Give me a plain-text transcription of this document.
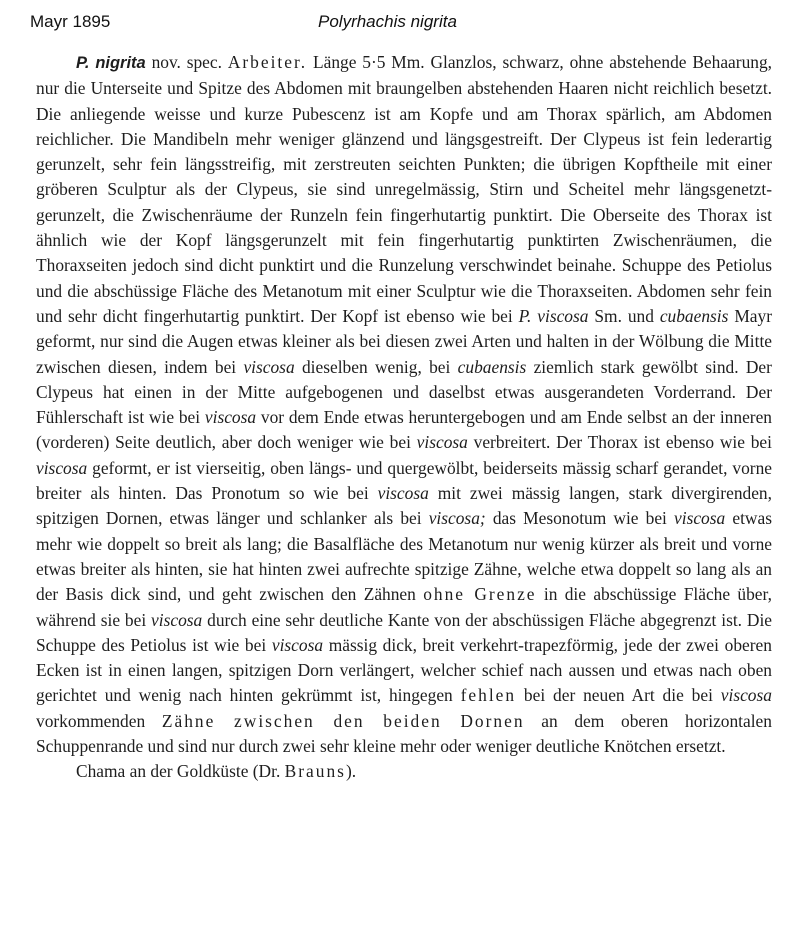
Mayr 1895	Polyrhachis nigrita

P. nigrita nov. spec. Arbeiter. Länge 5·5 Mm. Glanzlos, schwarz, ohne abstehende Behaarung, nur die Unterseite und Spitze des Abdomen mit braungelben abstehenden Haaren nicht reichlich besetzt. Die anliegende weisse und kurze Pubescenz ist am Kopfe und am Thorax spärlich, am Abdomen reichlicher. Die Mandibeln mehr weniger glänzend und längsgestreift. Der Clypeus ist fein lederartig gerunzelt, sehr fein längsstreifig, mit zerstreuten seichten Punkten; die übrigen Kopftheile mit einer gröberen Sculptur als der Clypeus, sie sind unregelmässig, Stirn und Scheitel mehr längsgenetzt-gerunzelt, die Zwischenräume der Runzeln fein fingerhutartig punktirt. Die Oberseite des Thorax ist ähnlich wie der Kopf längsgerunzelt mit fein fingerhutartig punktirten Zwischenräumen, die Thoraxseiten jedoch sind dicht punktirt und die Runzelung verschwindet beinahe. Schuppe des Petiolus und die abschüssige Fläche des Metanotum mit einer Sculptur wie die Thoraxseiten. Abdomen sehr fein und sehr dicht fingerhutartig punktirt. Der Kopf ist ebenso wie bei P. viscosa Sm. und cubaensis Mayr geformt, nur sind die Augen etwas kleiner als bei diesen zwei Arten und halten in der Wölbung die Mitte zwischen diesen, indem bei viscosa dieselben wenig, bei cubaensis ziemlich stark gewölbt sind. Der Clypeus hat einen in der Mitte aufgebogenen und daselbst etwas ausgerandeten Vorderrand. Der Fühlerschaft ist wie bei viscosa vor dem Ende etwas heruntergebogen und am Ende selbst an der inneren (vorderen) Seite deutlich, aber doch weniger wie bei viscosa verbreitert. Der Thorax ist ebenso wie bei viscosa geformt, er ist vierseitig, oben längs- und quergewölbt, beiderseits mässig scharf gerandet, vorne breiter als hinten. Das Pronotum so wie bei viscosa mit zwei mässig langen, stark divergirenden, spitzigen Dornen, etwas länger und schlanker als bei viscosa; das Mesonotum wie bei viscosa etwas mehr wie doppelt so breit als lang; die Basalfläche des Metanotum nur wenig kürzer als breit und vorne etwas breiter als hinten, sie hat hinten zwei aufrechte spitzige Zähne, welche etwa doppelt so lang als an der Basis dick sind, und geht zwischen den Zähnen ohne Grenze in die abschüssige Fläche über, während sie bei viscosa durch eine sehr deutliche Kante von der abschüssigen Fläche abgegrenzt ist. Die Schuppe des Petiolus ist wie bei viscosa mässig dick, breit verkehrt-trapezförmig, jede der zwei oberen Ecken ist in einen langen, spitzigen Dorn verlängert, welcher schief nach aussen und etwas nach oben gerichtet und wenig nach hinten gekrümmt ist, hingegen fehlen bei der neuen Art die bei viscosa vorkommenden Zähne zwischen den beiden Dornen an dem oberen horizontalen Schuppenrande und sind nur durch zwei sehr kleine mehr oder weniger deutliche Knötchen ersetzt.

Chama an der Goldküste (Dr. Brauns).
